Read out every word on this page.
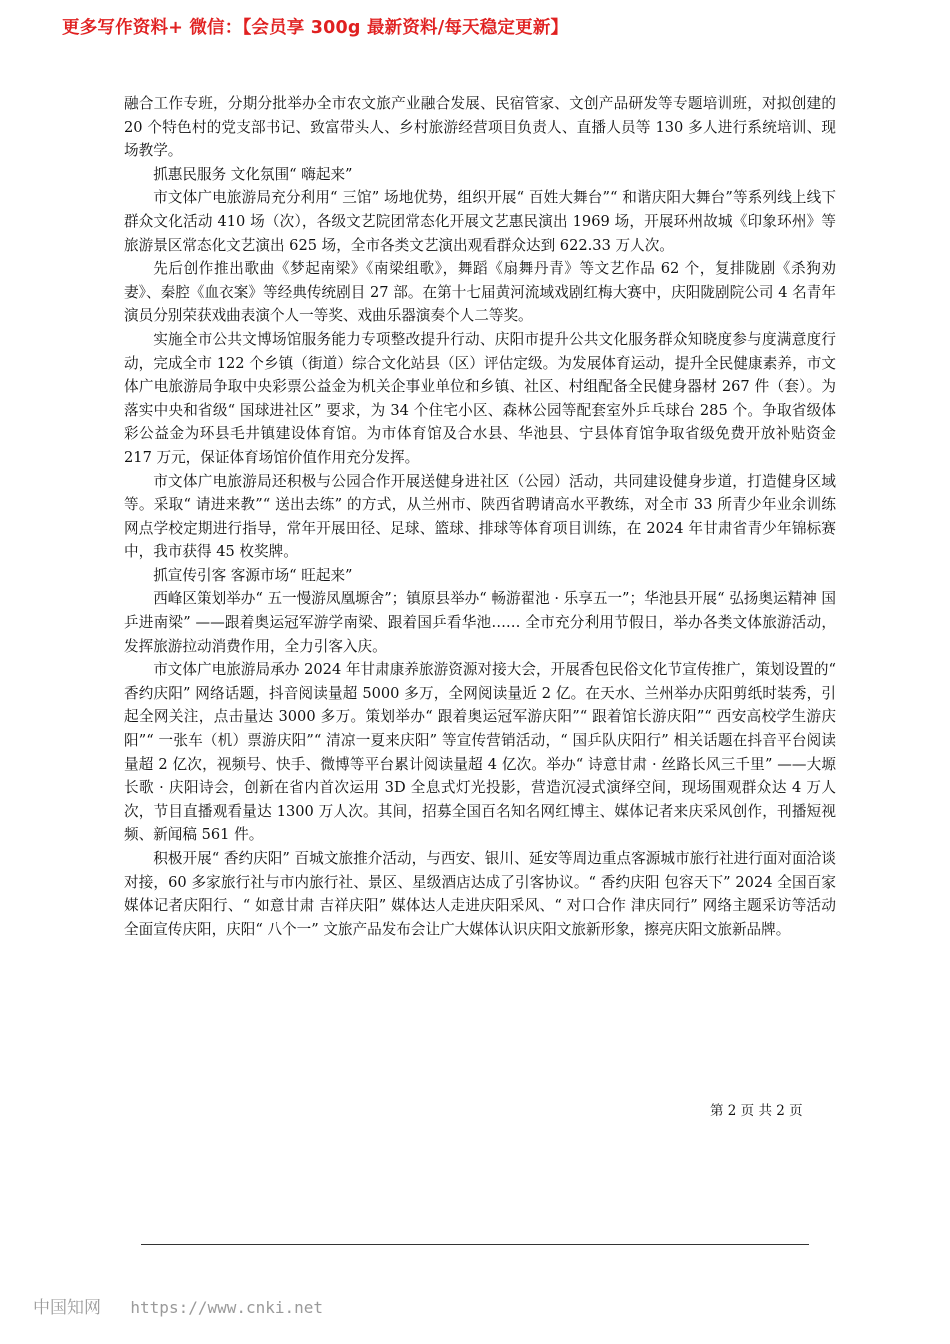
更多写作资料+ 微信：【会员享 300g 最新资料/每天稳定更新】

融合工作专班，分期分批举办全市农文旅产业融合发展、民宿管家、文创产品研发等专题培训班，对拟创建的 20 个特色村的党支部书记、致富带头人、乡村旅游经营项目负责人、直播人员等 130 多人进行系统培训、现场教学。

抓惠民服务 文化氛围“ 嗨起来”

市文体广电旅游局充分利用“ 三馆” 场地优势，组织开展“ 百姓大舞台”“ 和谐庆阳大舞台”等系列线上线下群众文化活动 410 场（次），各级文艺院团常态化开展文艺惠民演出 1969 场，开展环州故城《印象环州》等旅游景区常态化文艺演出 625 场，全市各类文艺演出观看群众达到 622.33 万人次。

先后创作推出歌曲《梦起南梁》《南梁组歌》，舞蹈《扇舞丹青》等文艺作品 62 个，复排陇剧《杀狗劝妻》、秦腔《血衣案》等经典传统剧目 27 部。在第十七届黄河流域戏剧红梅大赛中，庆阳陇剧院公司 4 名青年演员分别荣获戏曲表演个人一等奖、戏曲乐器演奏个人二等奖。

实施全市公共文博场馆服务能力专项整改提升行动、庆阳市提升公共文化服务群众知晓度参与度满意度行动，完成全市 122 个乡镇（街道）综合文化站县（区）评估定级。为发展体育运动，提升全民健康素养，市文体广电旅游局争取中央彩票公益金为机关企事业单位和乡镇、社区、村组配备全民健身器材 267 件（套）。为落实中央和省级“ 国球进社区” 要求，为 34 个住宅小区、森林公园等配套室外乒乓球台 285 个。争取省级体彩公益金为环县毛井镇建设体育馆。为市体育馆及合水县、华池县、宁县体育馆争取省级免费开放补贴资金 217 万元，保证体育场馆价值作用充分发挥。

市文体广电旅游局还积极与公园合作开展送健身进社区（公园）活动，共同建设健身步道，打造健身区域等。采取“ 请进来教”“ 送出去练” 的方式，从兰州市、陕西省聘请高水平教练，对全市 33 所青少年业余训练网点学校定期进行指导，常年开展田径、足球、篮球、排球等体育项目训练，在 2024 年甘肃省青少年锦标赛中，我市获得 45 枚奖牌。

抓宣传引客 客源市场“ 旺起来”

西峰区策划举办“ 五一慢游凤凰塬舍”；镇原县举办“ 畅游翟池 · 乐享五一”；华池县开展“ 弘扬奥运精神 国乒进南梁” ——跟着奥运冠军游学南梁、跟着国乒看华池…… 全市充分利用节假日，举办各类文体旅游活动，发挥旅游拉动消费作用，全力引客入庆。

市文体广电旅游局承办 2024 年甘肃康养旅游资源对接大会，开展香包民俗文化节宣传推广，策划设置的“ 香约庆阳” 网络话题，抖音阅读量超 5000 多万，全网阅读量近 2 亿。在天水、兰州举办庆阳剪纸时装秀，引起全网关注，点击量达 3000 多万。策划举办“ 跟着奥运冠军游庆阳”“ 跟着馆长游庆阳”“ 西安高校学生游庆阳”“ 一张车（机）票游庆阳”“ 清凉一夏来庆阳” 等宣传营销活动，“ 国乒队庆阳行” 相关话题在抖音平台阅读量超 2 亿次，视频号、快手、微博等平台累计阅读量超 4 亿次。举办“ 诗意甘肃 · 丝路长风三千里” ——大塬长歌 · 庆阳诗会，创新在省内首次运用 3D 全息式灯光投影，营造沉浸式演绎空间，现场围观群众达 4 万人次，节目直播观看量达 1300 万人次。其间，招募全国百名知名网红博主、媒体记者来庆采风创作，刊播短视频、新闻稿 561 件。

积极开展“ 香约庆阳” 百城文旅推介活动，与西安、银川、延安等周边重点客源城市旅行社进行面对面洽谈对接，60 多家旅行社与市内旅行社、景区、星级酒店达成了引客协议。“ 香约庆阳 包容天下” 2024 全国百家媒体记者庆阳行、“ 如意甘肃 吉祥庆阳” 媒体达人走进庆阳采风、“ 对口合作 津庆同行” 网络主题采访等活动全面宣传庆阳，庆阳“ 八个一” 文旅产品发布会让广大媒体认识庆阳文旅新形象，擦亮庆阳文旅新品牌。

第 2 页 共 2 页
中国知网 https://www.cnki.net
